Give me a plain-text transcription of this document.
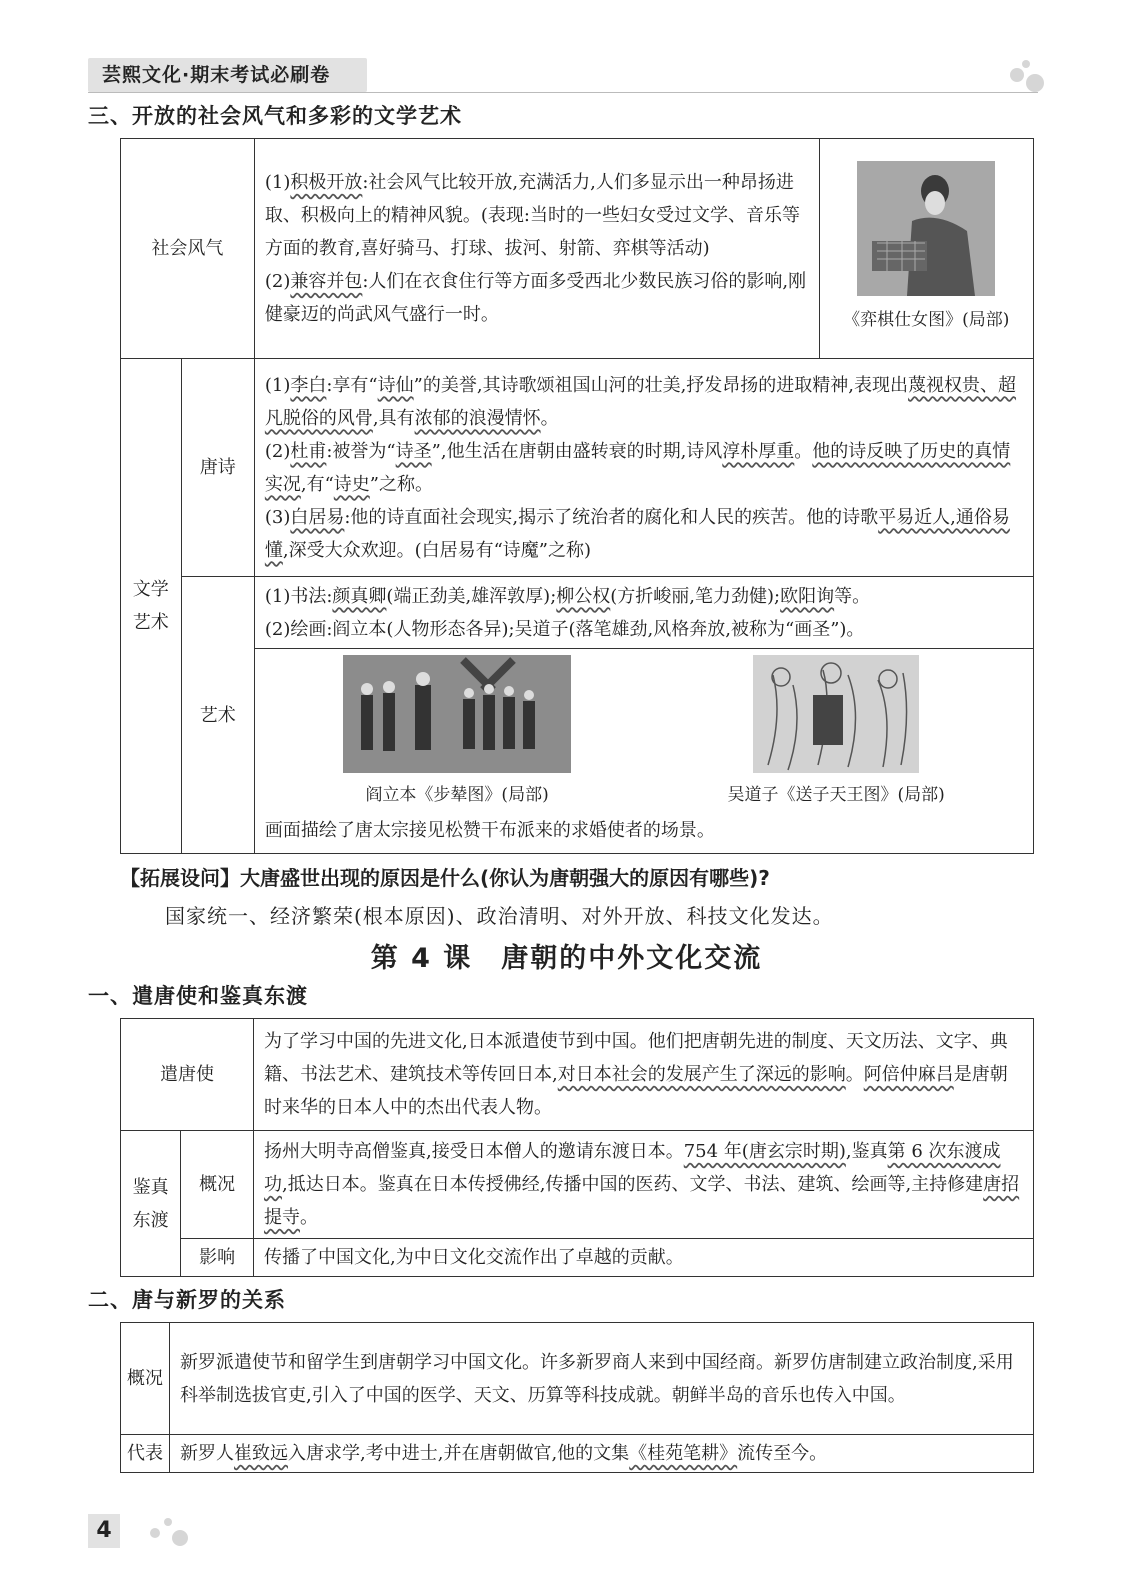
芸熙文化·期末考试必刷卷
三、开放的社会风气和多彩的文学艺术
社会风气		(1)积极开放:社会风气比较开放,充满活力,人们多显示出一种昂扬进取、积极向上的精神风貌。(表现:当时的一些妇女受过文学、音乐等方面的教育,喜好骑马、打球、拔河、射箭、弈棋等活动)
(2)兼容并包:人们在衣食住行等方面多受西北少数民族习俗的影响,刚健豪迈的尚武风气盛行一时。	《弈棋仕女图》(局部)

文学艺术	唐诗	(1)李白:享有“诗仙”的美誉,其诗歌颂祖国山河的壮美,抒发昂扬的进取精神,表现出蔑视权贵、超凡脱俗的风骨,具有浓郁的浪漫情怀。
(2)杜甫:被誉为“诗圣”,他生活在唐朝由盛转衰的时期,诗风淳朴厚重。他的诗反映了历史的真情实况,有“诗史”之称。
(3)白居易:他的诗直面社会现实,揭示了统治者的腐化和人民的疾苦。他的诗歌平易近人,通俗易懂,深受大众欢迎。(白居易有“诗魔”之称)	

	艺术	(1)书法:颜真卿(端正劲美,雄浑敦厚);柳公权(方折峻丽,笔力劲健);欧阳询等。
(2)绘画:阎立本(人物形态各异);吴道子(落笔雄劲,风格奔放,被称为“画圣”)。	

		阎立本《步辇图》(局部) 吴道子《送子天王图》(局部)
画面描绘了唐太宗接见松赞干布派来的求婚使者的场景。	
【拓展设问】大唐盛世出现的原因是什么(你认为唐朝强大的原因有哪些)?
国家统一、经济繁荣(根本原因)、政治清明、对外开放、科技文化发达。
第 4 课　唐朝的中外文化交流
一、遣唐使和鉴真东渡
遣唐使		为了学习中国的先进文化,日本派遣使节到中国。他们把唐朝先进的制度、天文历法、文字、典籍、书法艺术、建筑技术等传回日本,对日本社会的发展产生了深远的影响。阿倍仲麻吕是唐朝时来华的日本人中的杰出代表人物。
鉴真东渡	概况	扬州大明寺高僧鉴真,接受日本僧人的邀请东渡日本。754 年(唐玄宗时期),鉴真第 6 次东渡成功,抵达日本。鉴真在日本传授佛经,传播中国的医药、文学、书法、建筑、绘画等,主持修建唐招提寺。
	影响	传播了中国文化,为中日文化交流作出了卓越的贡献。
二、唐与新罗的关系
概况	新罗派遣使节和留学生到唐朝学习中国文化。许多新罗商人来到中国经商。新罗仿唐制建立政治制度,采用科举制选拔官吏,引入了中国的医学、天文、历算等科技成就。朝鲜半岛的音乐也传入中国。
代表	新罗人崔致远入唐求学,考中进士,并在唐朝做官,他的文集《桂苑笔耕》流传至今。
4
